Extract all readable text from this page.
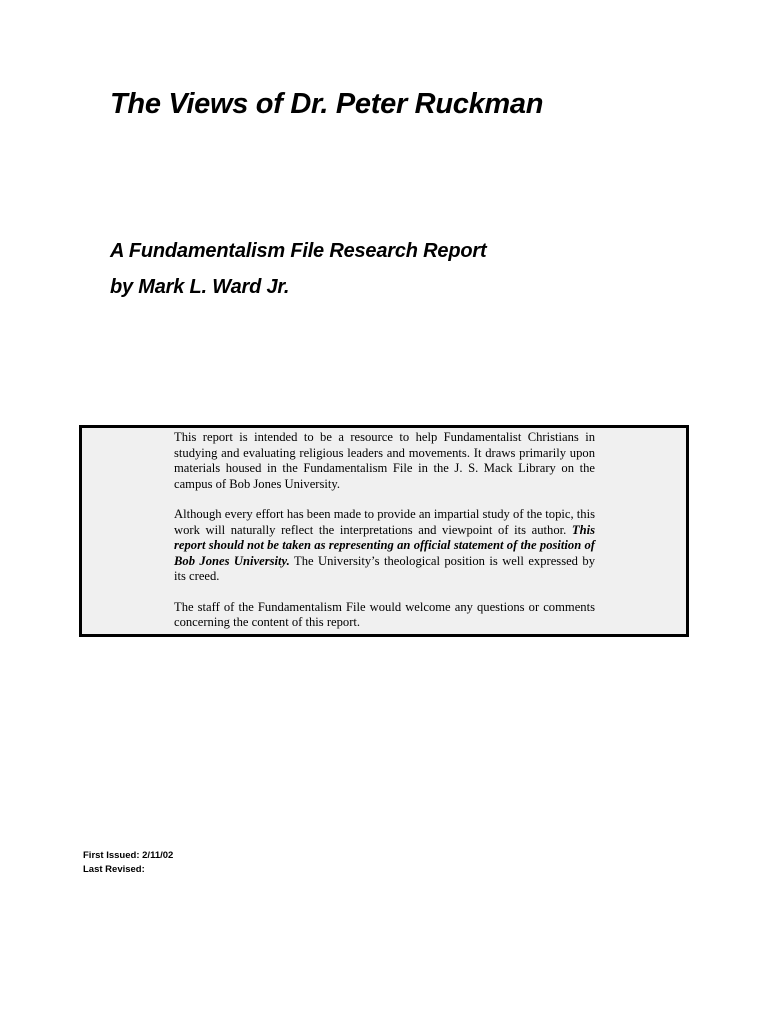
The Views of Dr. Peter Ruckman
A Fundamentalism File Research Report
by Mark L. Ward Jr.

This report is intended to be a resource to help Fundamentalist Christians in studying and evaluating religious leaders and movements. It draws primarily upon materials housed in the Fundamentalism File in the J. S. Mack Library on the campus of Bob Jones University.

Although every effort has been made to provide an impartial study of the topic, this work will naturally reflect the interpretations and viewpoint of its author. This report should not be taken as representing an official statement of the position of Bob Jones University. The University’s theological position is well expressed by its creed.

The staff of the Fundamentalism File would welcome any questions or comments concerning the content of this report.

First Issued: 2/11/02
Last Revised:
